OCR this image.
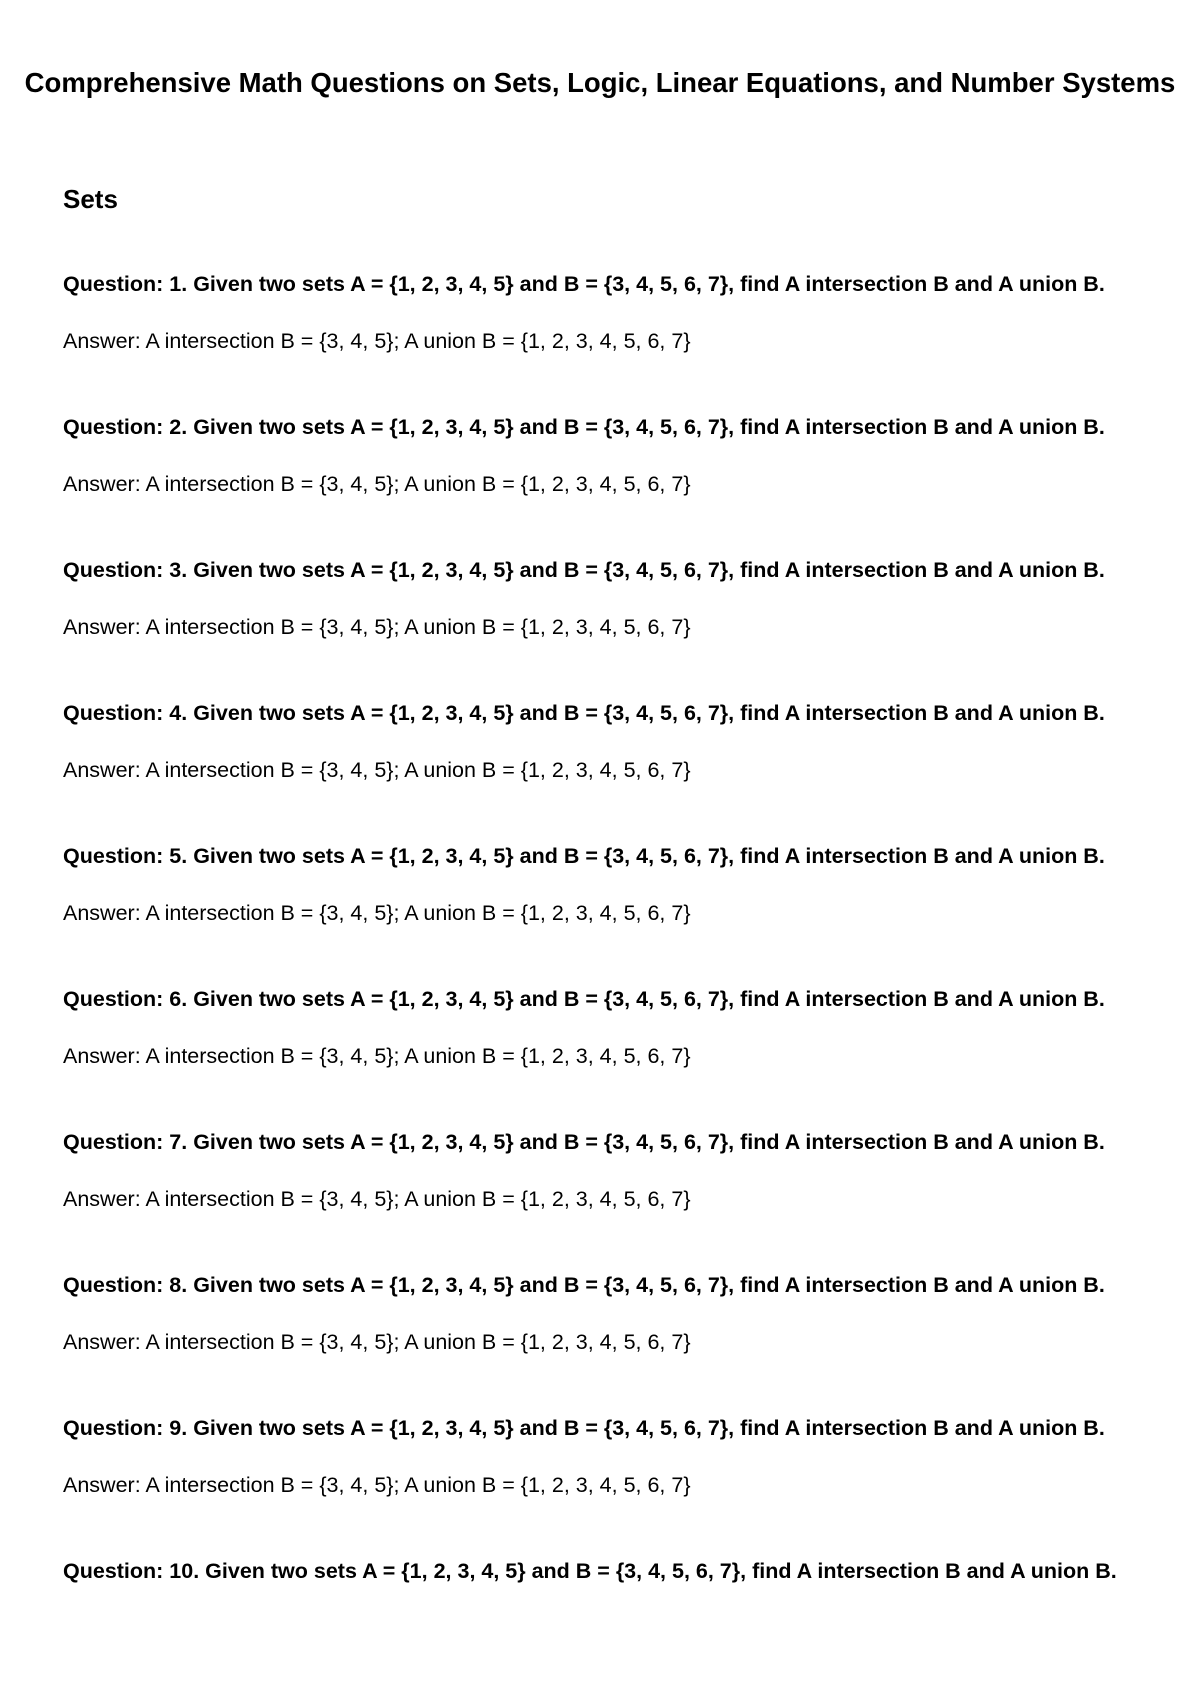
Comprehensive Math Questions on Sets, Logic, Linear Equations, and Number Systems
Sets

Question: 1. Given two sets A = {1, 2, 3, 4, 5} and B = {3, 4, 5, 6, 7}, find A intersection B and A union B.

Answer: A intersection B = {3, 4, 5}; A union B = {1, 2, 3, 4, 5, 6, 7}

Question: 2. Given two sets A = {1, 2, 3, 4, 5} and B = {3, 4, 5, 6, 7}, find A intersection B and A union B.

Answer: A intersection B = {3, 4, 5}; A union B = {1, 2, 3, 4, 5, 6, 7}

Question: 3. Given two sets A = {1, 2, 3, 4, 5} and B = {3, 4, 5, 6, 7}, find A intersection B and A union B.

Answer: A intersection B = {3, 4, 5}; A union B = {1, 2, 3, 4, 5, 6, 7}

Question: 4. Given two sets A = {1, 2, 3, 4, 5} and B = {3, 4, 5, 6, 7}, find A intersection B and A union B.

Answer: A intersection B = {3, 4, 5}; A union B = {1, 2, 3, 4, 5, 6, 7}

Question: 5. Given two sets A = {1, 2, 3, 4, 5} and B = {3, 4, 5, 6, 7}, find A intersection B and A union B.

Answer: A intersection B = {3, 4, 5}; A union B = {1, 2, 3, 4, 5, 6, 7}

Question: 6. Given two sets A = {1, 2, 3, 4, 5} and B = {3, 4, 5, 6, 7}, find A intersection B and A union B.

Answer: A intersection B = {3, 4, 5}; A union B = {1, 2, 3, 4, 5, 6, 7}

Question: 7. Given two sets A = {1, 2, 3, 4, 5} and B = {3, 4, 5, 6, 7}, find A intersection B and A union B.

Answer: A intersection B = {3, 4, 5}; A union B = {1, 2, 3, 4, 5, 6, 7}

Question: 8. Given two sets A = {1, 2, 3, 4, 5} and B = {3, 4, 5, 6, 7}, find A intersection B and A union B.

Answer: A intersection B = {3, 4, 5}; A union B = {1, 2, 3, 4, 5, 6, 7}

Question: 9. Given two sets A = {1, 2, 3, 4, 5} and B = {3, 4, 5, 6, 7}, find A intersection B and A union B.

Answer: A intersection B = {3, 4, 5}; A union B = {1, 2, 3, 4, 5, 6, 7}

Question: 10. Given two sets A = {1, 2, 3, 4, 5} and B = {3, 4, 5, 6, 7}, find A intersection B and A union B.
